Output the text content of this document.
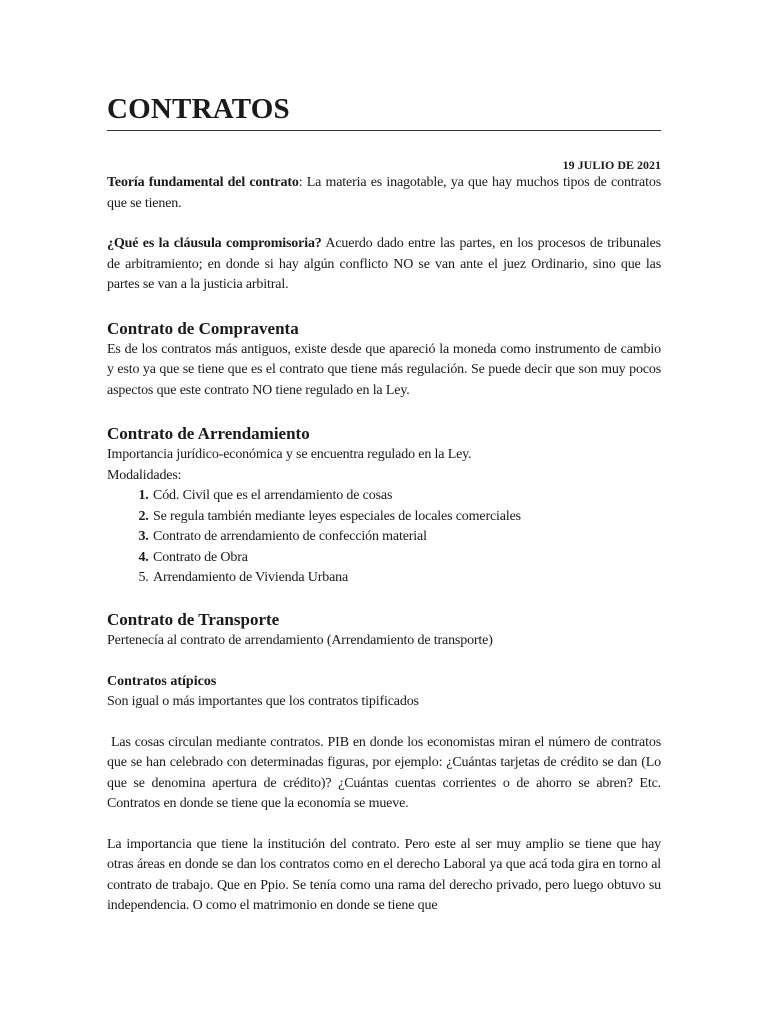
CONTRATOS
19 JULIO DE 2021

Teoría fundamental del contrato: La materia es inagotable, ya que hay muchos tipos de contratos que se tienen.

¿Qué es la cláusula compromisoria? Acuerdo dado entre las partes, en los procesos de tribunales de arbitramiento; en donde si hay algún conflicto NO se van ante el juez Ordinario, sino que las partes se van a la justicia arbitral.

Contrato de Compraventa

Es de los contratos más antiguos, existe desde que apareció la moneda como instrumento de cambio y esto ya que se tiene que es el contrato que tiene más regulación. Se puede decir que son muy pocos aspectos que este contrato NO tiene regulado en la Ley.

Contrato de Arrendamiento

Importancia jurídico-económica y se encuentra regulado en la Ley.

Modalidades:

1. Cód. Civil que es el arrendamiento de cosas
2. Se regula también mediante leyes especiales de locales comerciales
3. Contrato de arrendamiento de confección material
4. Contrato de Obra
5. Arrendamiento de Vivienda Urbana
Contrato de Transporte

Pertenecía al contrato de arrendamiento (Arrendamiento de transporte)

Contratos atípicos

Son igual o más importantes que los contratos tipificados

Las cosas circulan mediante contratos. PIB en donde los economistas miran el número de contratos que se han celebrado con determinadas figuras, por ejemplo: ¿Cuántas tarjetas de crédito se dan (Lo que se denomina apertura de crédito)? ¿Cuántas cuentas corrientes o de ahorro se abren? Etc. Contratos en donde se tiene que la economía se mueve.

La importancia que tiene la institución del contrato. Pero este al ser muy amplio se tiene que hay otras áreas en donde se dan los contratos como en el derecho Laboral ya que acá toda gira en torno al contrato de trabajo. Que en Ppio. Se tenía como una rama del derecho privado, pero luego obtuvo su independencia. O como el matrimonio en donde se tiene que
